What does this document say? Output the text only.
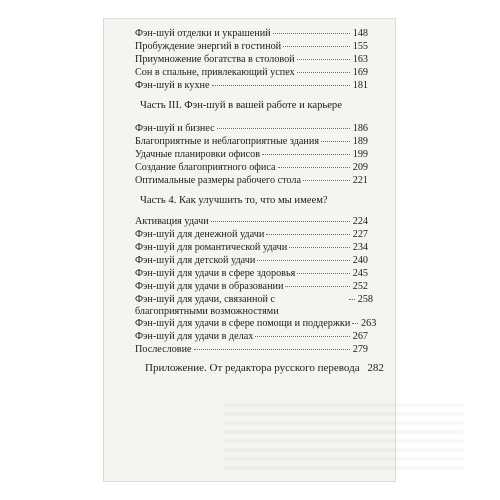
Фэн-шуй отделки и украшений	148
Пробуждение энергий в гостиной	155
Приумножение богатства в столовой	163
Сон в спальне, привлекающий успех	169
Фэн-шуй в кухне	181
Часть III. Фэн-шуй в вашей работе и карьере
Фэн-шуй и бизнес	186
Благоприятные и неблагоприятные здания	189
Удачные планировки офисов	199
Создание благоприятного офиса	209
Оптимальные размеры рабочего стола	221
Часть 4. Как улучшить то, что мы имеем?
Активация удачи	224
Фэн-шуй для денежной удачи	227
Фэн-шуй для романтической удачи	234
Фэн-шуй для детской удачи	240
Фэн-шуй для удачи в сфере здоровья	245
Фэн-шуй для удачи в образовании	252
Фэн-шуй для удачи, связанной с благоприятными возможностями
258
Фэн-шуй для удачи в сфере помощи и поддержки 263
Фэн-шуй для удачи в делах	267
Послесловие	279
Приложение. От редактора русского перевода 282
